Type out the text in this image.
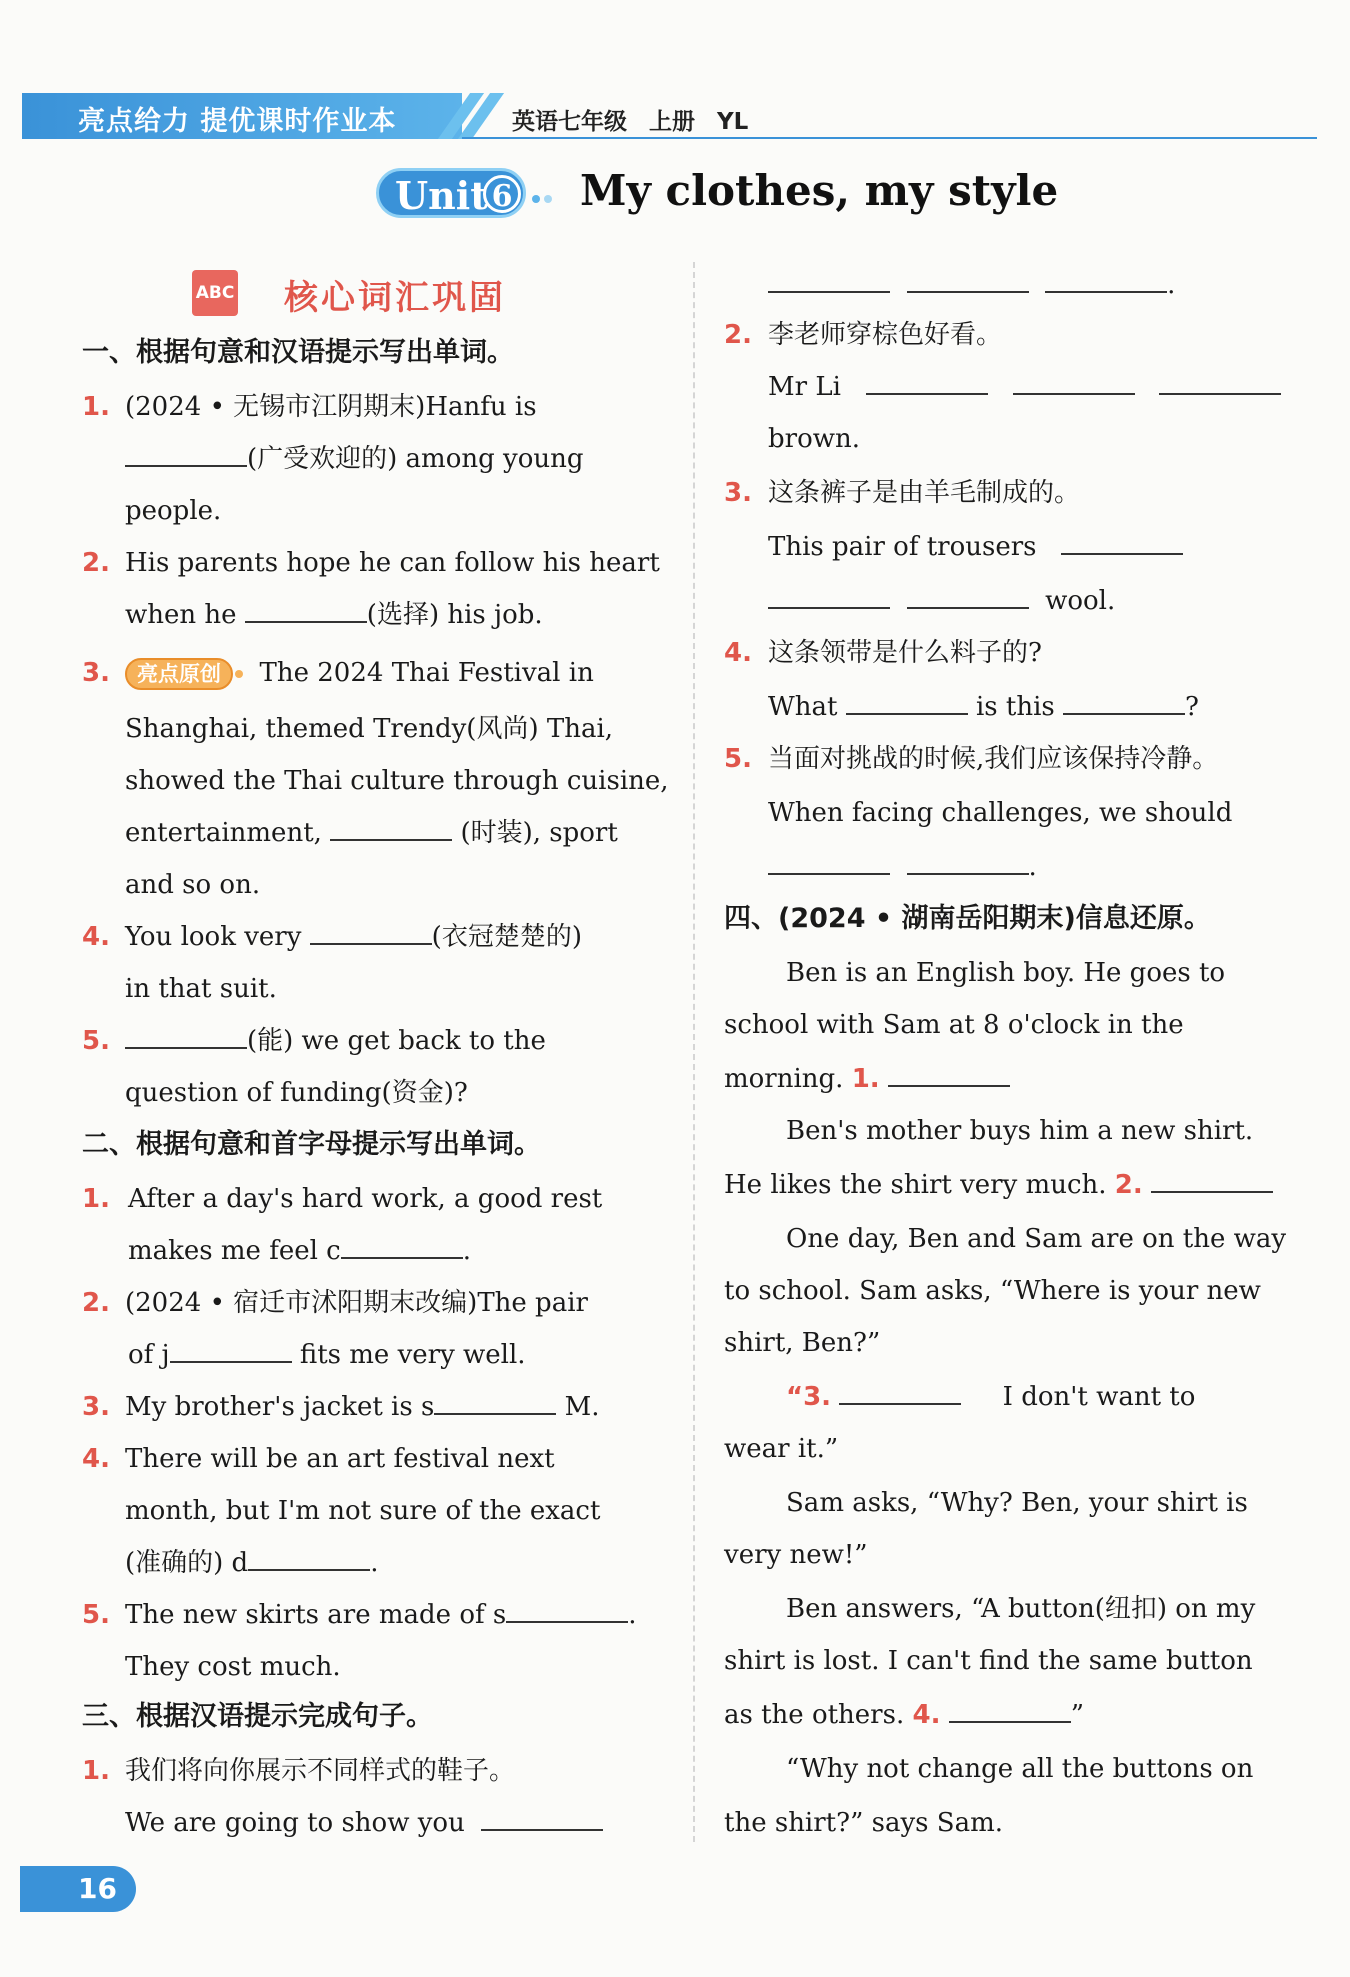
亮点给力 提优课时作业本	英语七年级 上册 YL
Unit 6 My clothes, my style
ABC 核心词汇巩固
一、根据句意和汉语提示写出单词。
1. (2024 • 无锡市江阴期末)Hanfu is
(广受欢迎的) among young
people.
2. His parents hope he can follow his heart
when he	(选择) his job.
3.	亮点原创 The 2024 Thai Festival in
Shanghai, themed Trendy(风尚) Thai,
showed the Thai culture through cuisine,
entertainment,	(时装), sport
and so on.
4. You look very	(衣冠楚楚的)
in that suit.
5.	(能) we get back to the
question of funding(资金)?
二、根据句意和首字母提示写出单词。
1. After a day's hard work, a good rest
makes me feel c	.
2. (2024 • 宿迁市沭阳期末改编)The pair
of j	fits me very well.
3. My brother's jacket is s	M.
4. There will be an art festival next
month, but I'm not sure of the exact
(准确的) d	.
5. The new skirts are made of s	.
They cost much.
三、根据汉语提示完成句子。
1. 我们将向你展示不同样式的鞋子。
We are going to show you
.
2. 李老师穿棕色好看。
Mr Li
brown.
3. 这条裤子是由羊毛制成的。
This pair of trousers
wool.
4. 这条领带是什么料子的?
What	is this	?
5. 当面对挑战的时候,我们应该保持冷静。
When facing challenges, we should
.
四、(2024 • 湖南岳阳期末)信息还原。
Ben is an English boy. He goes to
school with Sam at 8 o'clock in the
morning. 1.
Ben's mother buys him a new shirt.
He likes the shirt very much. 2.
One day, Ben and Sam are on the way
to school. Sam asks, “Where is your new
shirt, Ben?”
“3.	I don't want to
wear it.”
Sam asks, “Why? Ben, your shirt is
very new!”
Ben answers, “A button(纽扣) on my
shirt is lost. I can't find the same button
as the others. 4.	”
“Why not change all the buttons on
the shirt?” says Sam.
16
